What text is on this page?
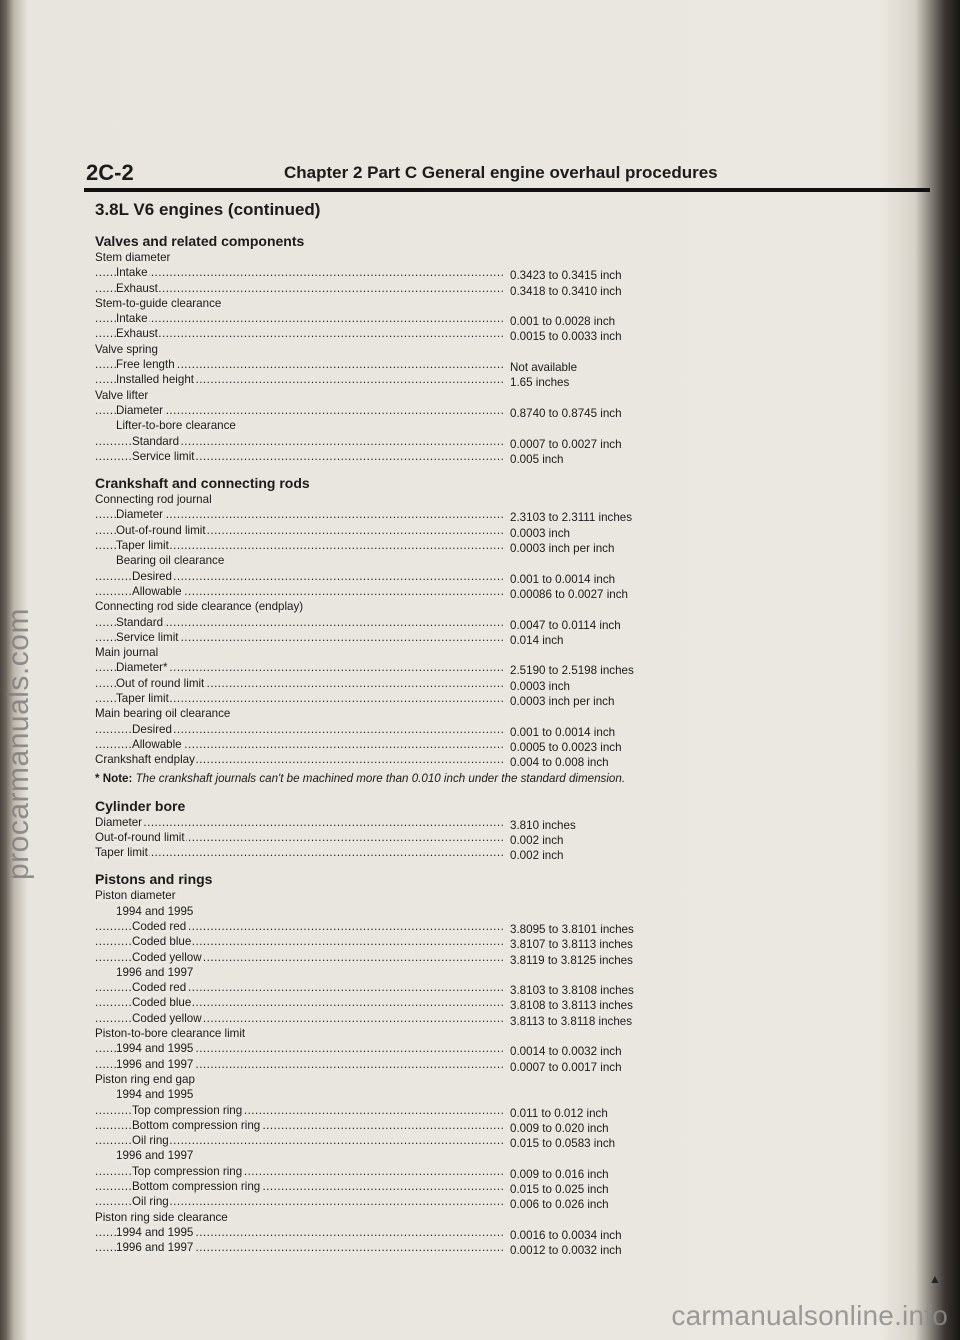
procarmanuals.com
2C-2	Chapter 2 Part C General engine overhaul procedures
3.8L V6 engines (continued)
Valves and related components
Stem diameter
Intake .....	0.3423 to 0.3415 inch
Exhaust .....	0.3418 to 0.3410 inch
Stem-to-guide clearance
Intake .....	0.001 to 0.0028 inch
Exhaust .....	0.0015 to 0.0033 inch
Valve spring
Free length .....	Not available
Installed height .....	1.65 inches
Valve lifter
Diameter .....	0.8740 to 0.8745 inch
Lifter-to-bore clearance
Standard .....	0.0007 to 0.0027 inch
Service limit .....	0.005 inch
Crankshaft and connecting rods
Connecting rod journal
Diameter .....	2.3103 to 2.3111 inches
Out-of-round limit .....	0.0003 inch
Taper limit .....	0.0003 inch per inch
Bearing oil clearance
Desired .....	0.001 to 0.0014 inch
Allowable .....	0.00086 to 0.0027 inch
Connecting rod side clearance (endplay)
Standard .....	0.0047 to 0.0114 inch
Service limit .....	0.014 inch
Main journal
Diameter* .....	2.5190 to 2.5198 inches
Out of round limit .....	0.0003 inch
Taper limit .....	0.0003 inch per inch
Main bearing oil clearance
Desired .....	0.001 to 0.0014 inch
Allowable .....	0.0005 to 0.0023 inch
Crankshaft endplay .....	0.004 to 0.008 inch
* Note: The crankshaft journals can't be machined more than 0.010 inch under the standard dimension.
Cylinder bore
Diameter .....	3.810 inches
Out-of-round limit .....	0.002 inch
Taper limit .....	0.002 inch
Pistons and rings
Piston diameter
1994 and 1995
Coded red .....	3.8095 to 3.8101 inches
Coded blue .....	3.8107 to 3.8113 inches
Coded yellow .....	3.8119 to 3.8125 inches
1996 and 1997
Coded red .....	3.8103 to 3.8108 inches
Coded blue .....	3.8108 to 3.8113 inches
Coded yellow .....	3.8113 to 3.8118 inches
Piston-to-bore clearance limit
1994 and 1995 .....	0.0014 to 0.0032 inch
1996 and 1997 .....	0.0007 to 0.0017 inch
Piston ring end gap
1994 and 1995
Top compression ring .....	0.011 to 0.012 inch
Bottom compression ring .....	0.009 to 0.020 inch
Oil ring .....	0.015 to 0.0583 inch
1996 and 1997
Top compression ring .....	0.009 to 0.016 inch
Bottom compression ring .....	0.015 to 0.025 inch
Oil ring .....	0.006 to 0.026 inch
Piston ring side clearance
1994 and 1995 .....	0.0016 to 0.0034 inch
1996 and 1997 .....	0.0012 to 0.0032 inch
carmanualsonline.info
▲
